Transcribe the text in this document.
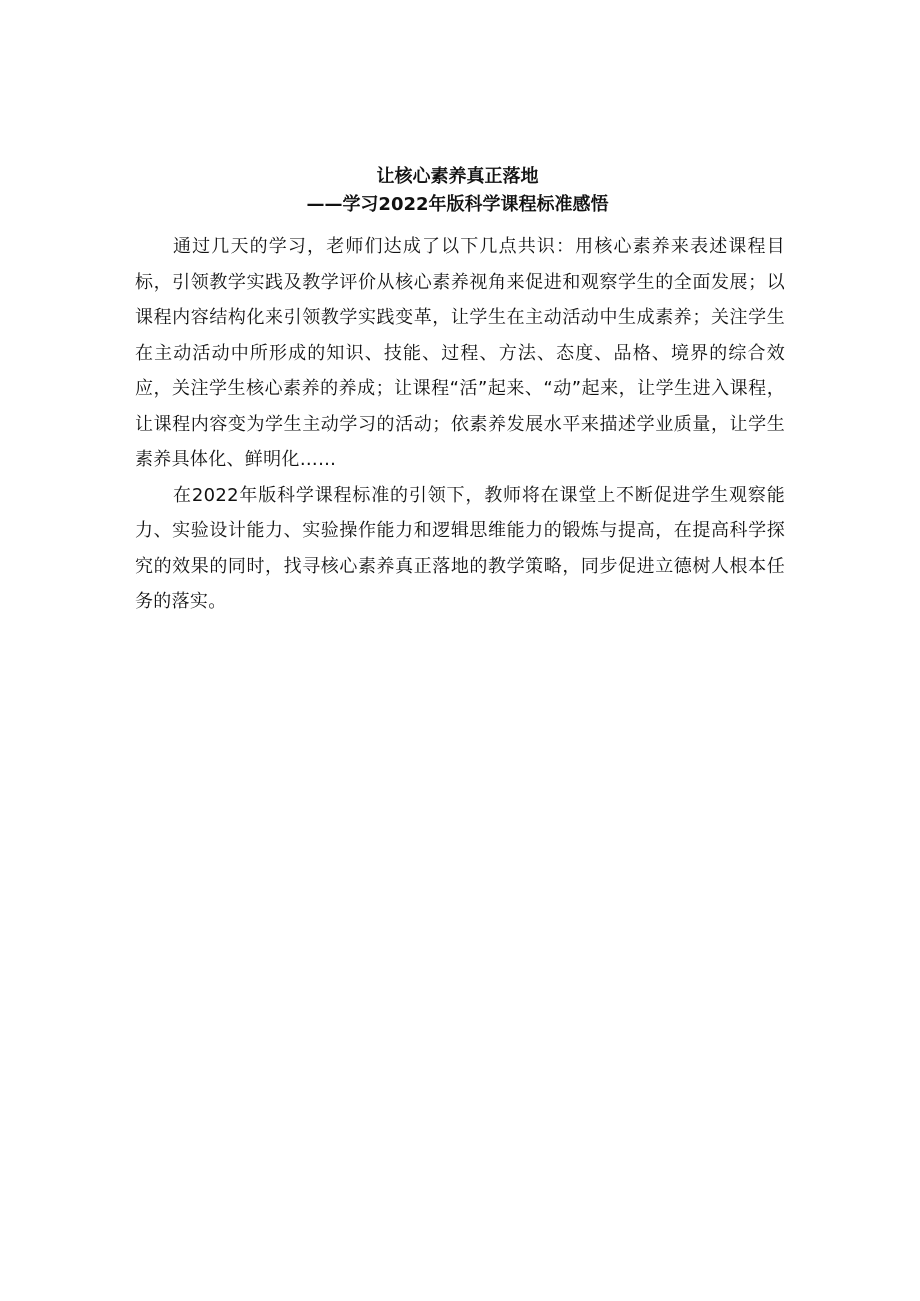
让核心素养真正落地
——学习2022年版科学课程标准感悟

通过几天的学习，老师们达成了以下几点共识：用核心素养来表述课程目标，引领教学实践及教学评价从核心素养视角来促进和观察学生的全面发展；以课程内容结构化来引领教学实践变革，让学生在主动活动中生成素养；关注学生在主动活动中所形成的知识、技能、过程、方法、态度、品格、境界的综合效应，关注学生核心素养的养成；让课程“活”起来、“动”起来，让学生进入课程，让课程内容变为学生主动学习的活动；依素养发展水平来描述学业质量，让学生素养具体化、鲜明化……

在2022年版科学课程标准的引领下，教师将在课堂上不断促进学生观察能力、实验设计能力、实验操作能力和逻辑思维能力的锻炼与提高，在提高科学探究的效果的同时，找寻核心素养真正落地的教学策略，同步促进立德树人根本任务的落实。
